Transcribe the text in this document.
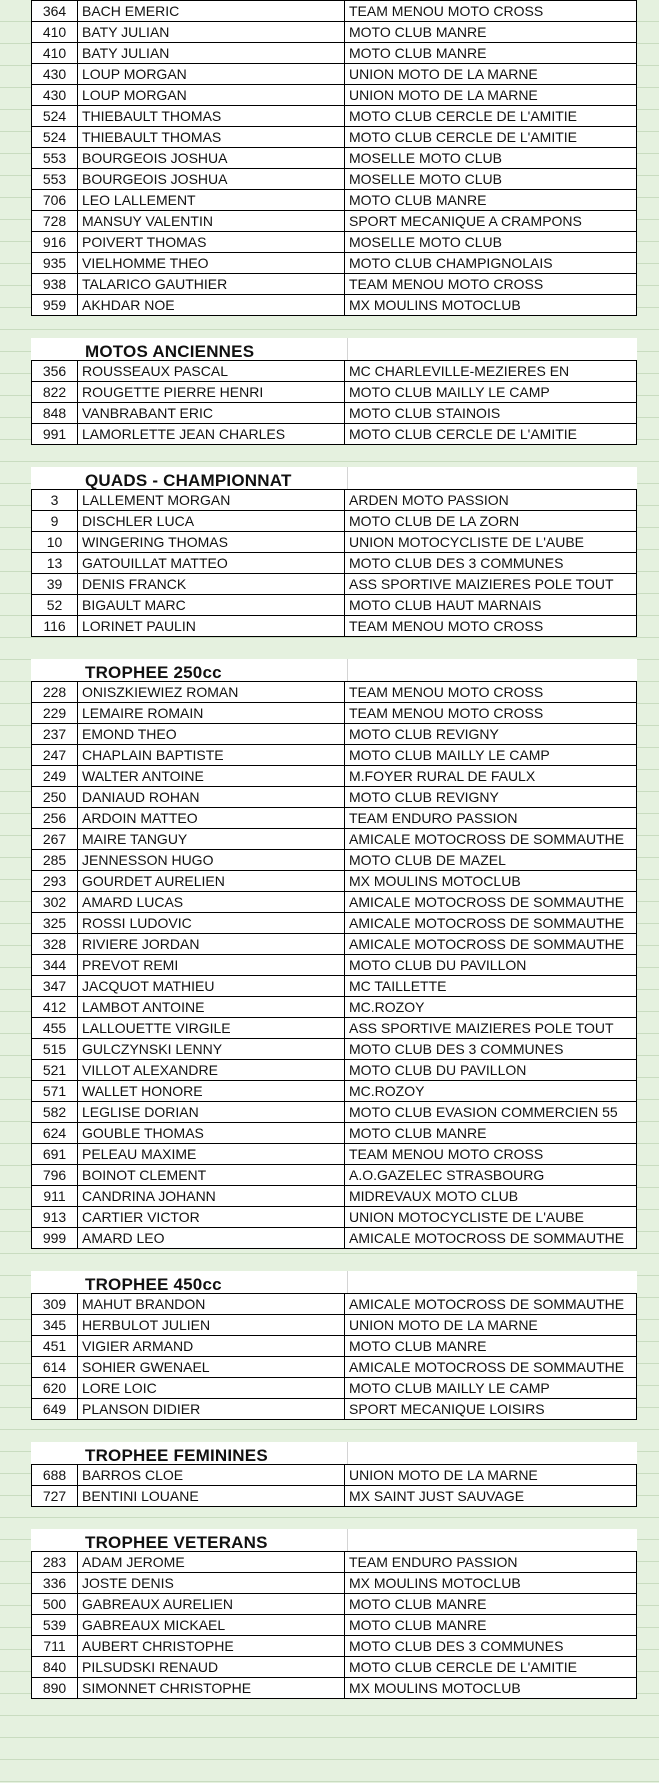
364	BACH EMERIC	TEAM MENOU MOTO CROSS
410	BATY JULIAN	MOTO CLUB MANRE
410	BATY JULIAN	MOTO CLUB MANRE
430	LOUP MORGAN	UNION MOTO DE LA MARNE
430	LOUP MORGAN	UNION MOTO DE LA MARNE
524	THIEBAULT THOMAS	MOTO CLUB CERCLE DE L'AMITIE
524	THIEBAULT THOMAS	MOTO CLUB CERCLE DE L'AMITIE
553	BOURGEOIS JOSHUA	MOSELLE MOTO CLUB
553	BOURGEOIS JOSHUA	MOSELLE MOTO CLUB
706	LEO LALLEMENT	MOTO CLUB MANRE
728	MANSUY VALENTIN	SPORT MECANIQUE A CRAMPONS
916	POIVERT THOMAS	MOSELLE MOTO CLUB
935	VIELHOMME THEO	MOTO CLUB CHAMPIGNOLAIS
938	TALARICO GAUTHIER	TEAM MENOU MOTO CROSS
959	AKHDAR NOE	MX MOULINS MOTOCLUB
MOTOS ANCIENNES
356	ROUSSEAUX PASCAL	MC CHARLEVILLE-MEZIERES EN
822	ROUGETTE PIERRE HENRI	MOTO CLUB MAILLY LE CAMP
848	VANBRABANT ERIC	MOTO CLUB STAINOIS
991	LAMORLETTE JEAN CHARLES	MOTO CLUB CERCLE DE L'AMITIE
QUADS - CHAMPIONNAT
3	LALLEMENT MORGAN	ARDEN MOTO PASSION
9	DISCHLER LUCA	MOTO CLUB DE LA ZORN
10	WINGERING THOMAS	UNION MOTOCYCLISTE DE L'AUBE
13	GATOUILLAT MATTEO	MOTO CLUB DES 3 COMMUNES
39	DENIS FRANCK	ASS SPORTIVE MAIZIERES POLE TOUT
52	BIGAULT MARC	MOTO CLUB HAUT MARNAIS
116	LORINET PAULIN	TEAM MENOU MOTO CROSS
TROPHEE 250cc
228	ONISZKIEWIEZ ROMAN	TEAM MENOU MOTO CROSS
229	LEMAIRE ROMAIN	TEAM MENOU MOTO CROSS
237	EMOND THEO	MOTO CLUB REVIGNY
247	CHAPLAIN BAPTISTE	MOTO CLUB MAILLY LE CAMP
249	WALTER ANTOINE	M.FOYER RURAL DE FAULX
250	DANIAUD ROHAN	MOTO CLUB REVIGNY
256	ARDOIN MATTEO	TEAM ENDURO PASSION
267	MAIRE TANGUY	AMICALE MOTOCROSS DE SOMMAUTHE
285	JENNESSON HUGO	MOTO CLUB DE MAZEL
293	GOURDET AURELIEN	MX MOULINS MOTOCLUB
302	AMARD LUCAS	AMICALE MOTOCROSS DE SOMMAUTHE
325	ROSSI LUDOVIC	AMICALE MOTOCROSS DE SOMMAUTHE
328	RIVIERE JORDAN	AMICALE MOTOCROSS DE SOMMAUTHE
344	PREVOT REMI	MOTO CLUB DU PAVILLON
347	JACQUOT MATHIEU	MC TAILLETTE
412	LAMBOT ANTOINE	MC.ROZOY
455	LALLOUETTE VIRGILE	ASS SPORTIVE MAIZIERES POLE TOUT
515	GULCZYNSKI LENNY	MOTO CLUB DES 3 COMMUNES
521	VILLOT ALEXANDRE	MOTO CLUB DU PAVILLON
571	WALLET HONORE	MC.ROZOY
582	LEGLISE DORIAN	MOTO CLUB EVASION COMMERCIEN 55
624	GOUBLE THOMAS	MOTO CLUB MANRE
691	PELEAU MAXIME	TEAM MENOU MOTO CROSS
796	BOINOT CLEMENT	A.O.GAZELEC STRASBOURG
911	CANDRINA JOHANN	MIDREVAUX MOTO CLUB
913	CARTIER VICTOR	UNION MOTOCYCLISTE DE L'AUBE
999	AMARD LEO	AMICALE MOTOCROSS DE SOMMAUTHE
TROPHEE 450cc
309	MAHUT BRANDON	AMICALE MOTOCROSS DE SOMMAUTHE
345	HERBULOT JULIEN	UNION MOTO DE LA MARNE
451	VIGIER ARMAND	MOTO CLUB MANRE
614	SOHIER GWENAEL	AMICALE MOTOCROSS DE SOMMAUTHE
620	LORE LOIC	MOTO CLUB MAILLY LE CAMP
649	PLANSON DIDIER	SPORT MECANIQUE LOISIRS
TROPHEE FEMININES
688	BARROS CLOE	UNION MOTO DE LA MARNE
727	BENTINI LOUANE	MX SAINT JUST SAUVAGE
TROPHEE VETERANS
283	ADAM JEROME	TEAM ENDURO PASSION
336	JOSTE DENIS	MX MOULINS MOTOCLUB
500	GABREAUX AURELIEN	MOTO CLUB MANRE
539	GABREAUX MICKAEL	MOTO CLUB MANRE
711	AUBERT CHRISTOPHE	MOTO CLUB DES 3 COMMUNES
840	PILSUDSKI RENAUD	MOTO CLUB CERCLE DE L'AMITIE
890	SIMONNET CHRISTOPHE	MX MOULINS MOTOCLUB
